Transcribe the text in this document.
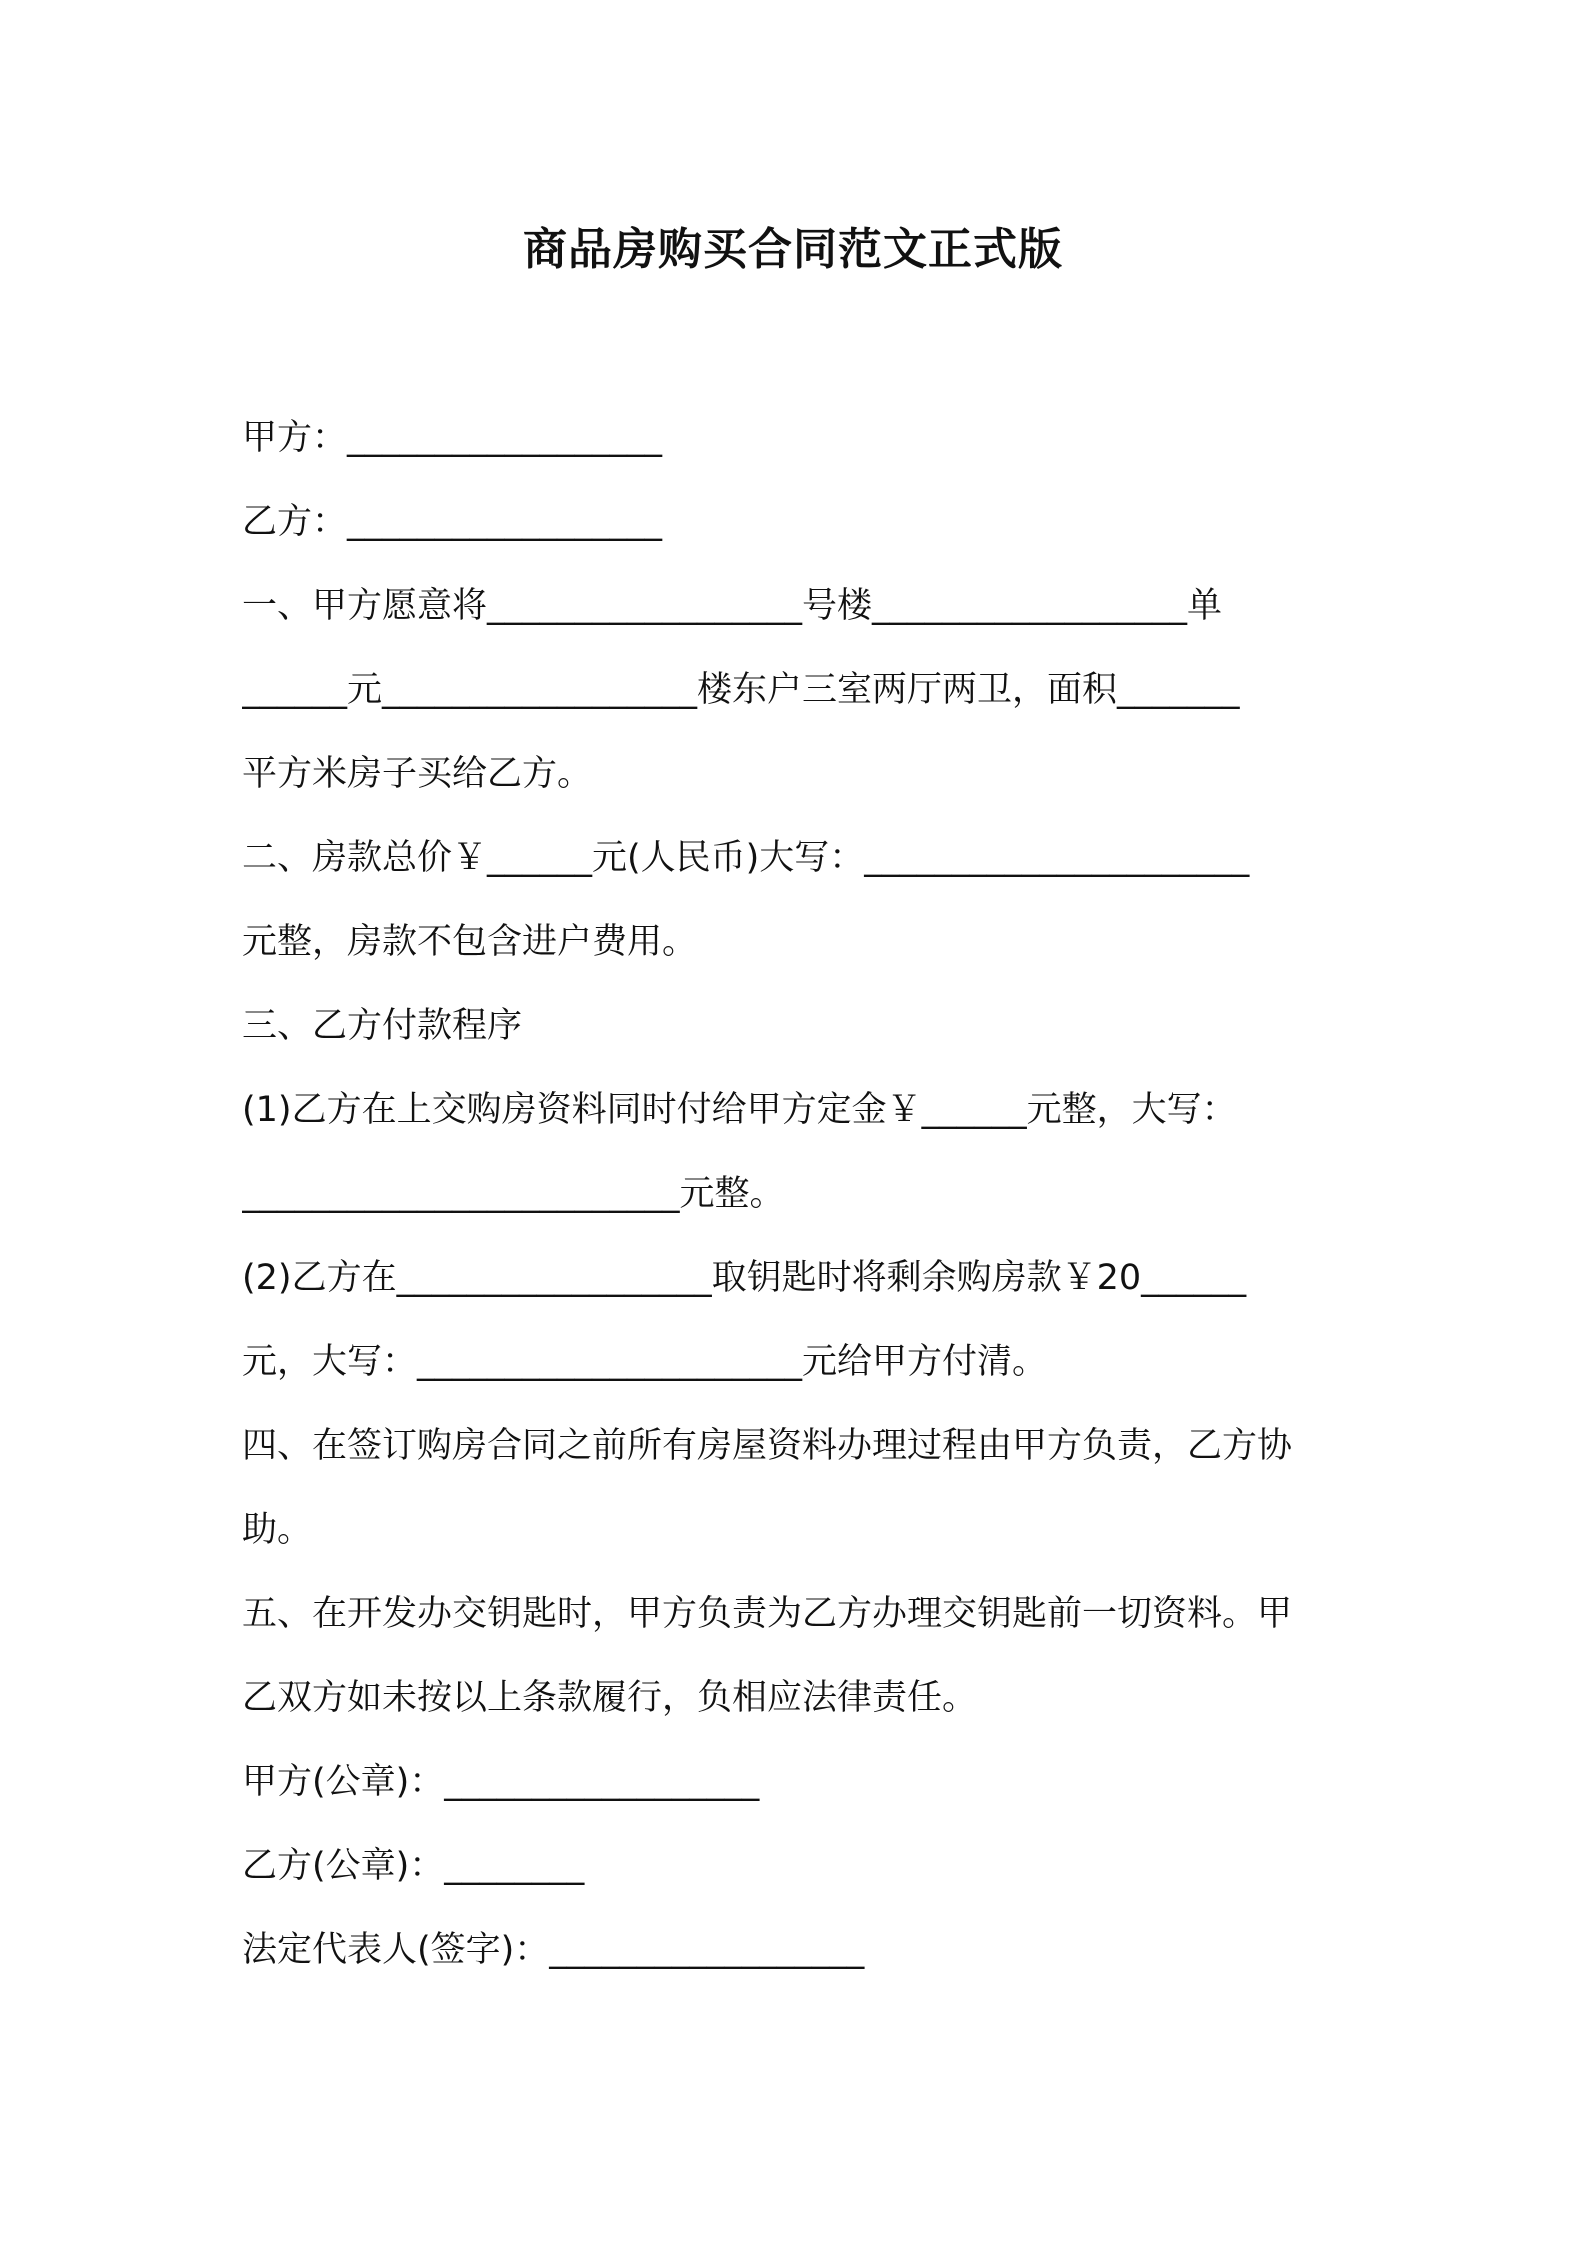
商品房购买合同范文正式版
甲方：__________________
乙方：__________________
一、甲方愿意将__________________号楼__________________单
______元__________________楼东户三室两厅两卫，面积_______
平方米房子买给乙方。
二、房款总价￥______元(人民币)大写：______________________
元整，房款不包含进户费用。
三、乙方付款程序
(1)乙方在上交购房资料同时付给甲方定金￥______元整，大写：
_________________________元整。
(2)乙方在__________________取钥匙时将剩余购房款￥20______
元，大写：______________________元给甲方付清。
四、在签订购房合同之前所有房屋资料办理过程由甲方负责，乙方协
助。
五、在开发办交钥匙时，甲方负责为乙方办理交钥匙前一切资料。甲
乙双方如未按以上条款履行，负相应法律责任。
甲方(公章)：__________________
乙方(公章)：________
法定代表人(签字)：__________________
